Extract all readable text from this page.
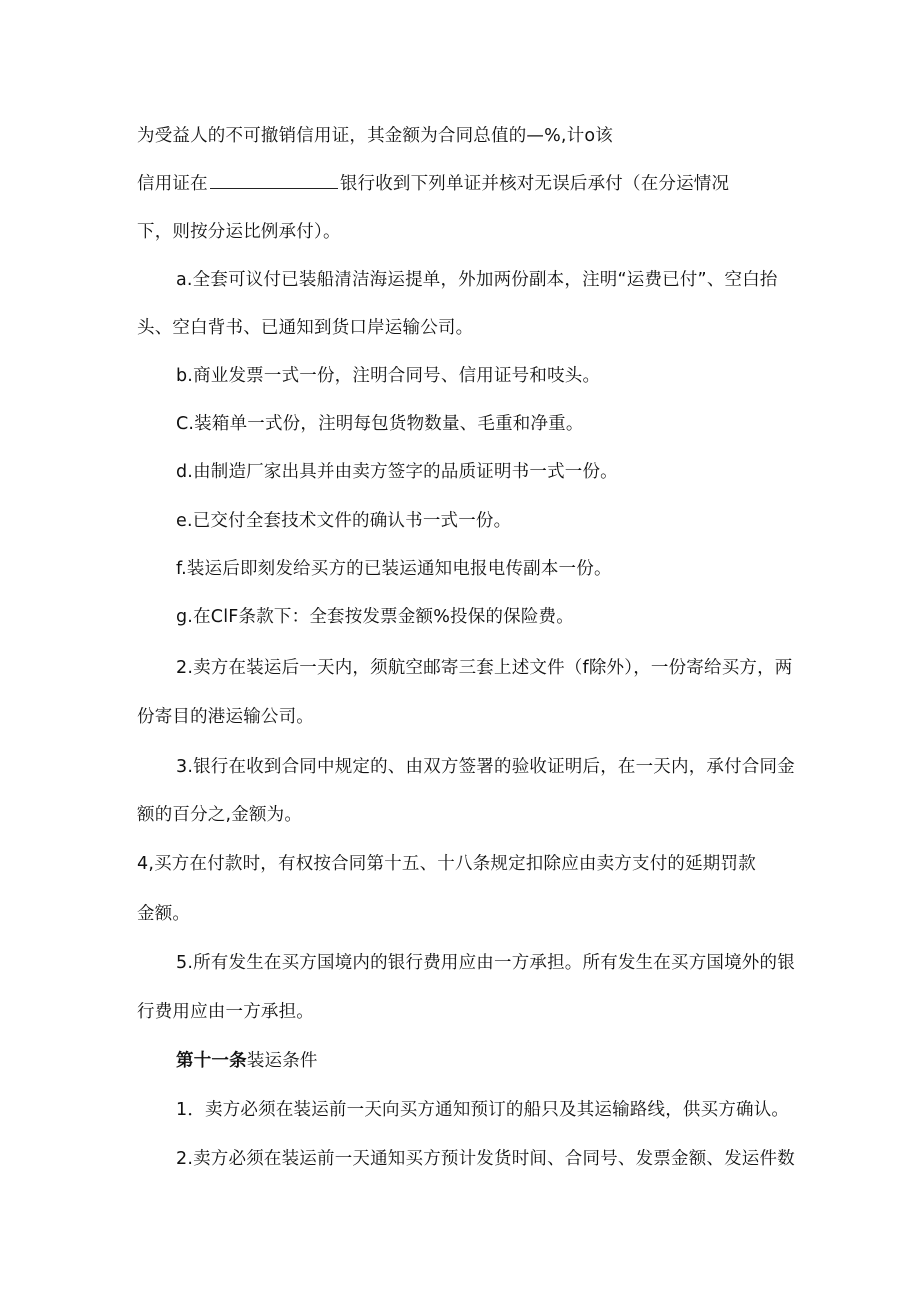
为受益人的不可撤销信用证，其金额为合同总值的—%,计o该
信用证在	银行收到下列单证并核对无误后承付（在分运情况
下，则按分运比例承付）。
a.全套可议付已装船清洁海运提单，外加两份副本，注明“运费已付”、空白抬
头、空白背书、已通知到货口岸运输公司。
b.商业发票一式一份，注明合同号、信用证号和吱头。
C.装箱单一式份，注明每包货物数量、毛重和净重。
d.由制造厂家出具并由卖方签字的品质证明书一式一份。
e.已交付全套技术文件的确认书一式一份。
f.装运后即刻发给买方的已装运通知电报电传副本一份。
g.在ClF条款下：全套按发票金额%投保的保险费。
2.卖方在装运后一天内，须航空邮寄三套上述文件（f除外），一份寄给买方，两
份寄目的港运输公司。
3.银行在收到合同中规定的、由双方签署的验收证明后，在一天内，承付合同金
额的百分之,金额为。
4,买方在付款时，有权按合同第十五、十八条规定扣除应由卖方支付的延期罚款
金额。
5.所有发生在买方国境内的银行费用应由一方承担。所有发生在买方国境外的银
行费用应由一方承担。
第十一条装运条件
1．卖方必须在装运前一天向买方通知预订的船只及其运输路线，供买方确认。
2.卖方必须在装运前一天通知买方预计发货时间、合同号、发票金额、发运件数
